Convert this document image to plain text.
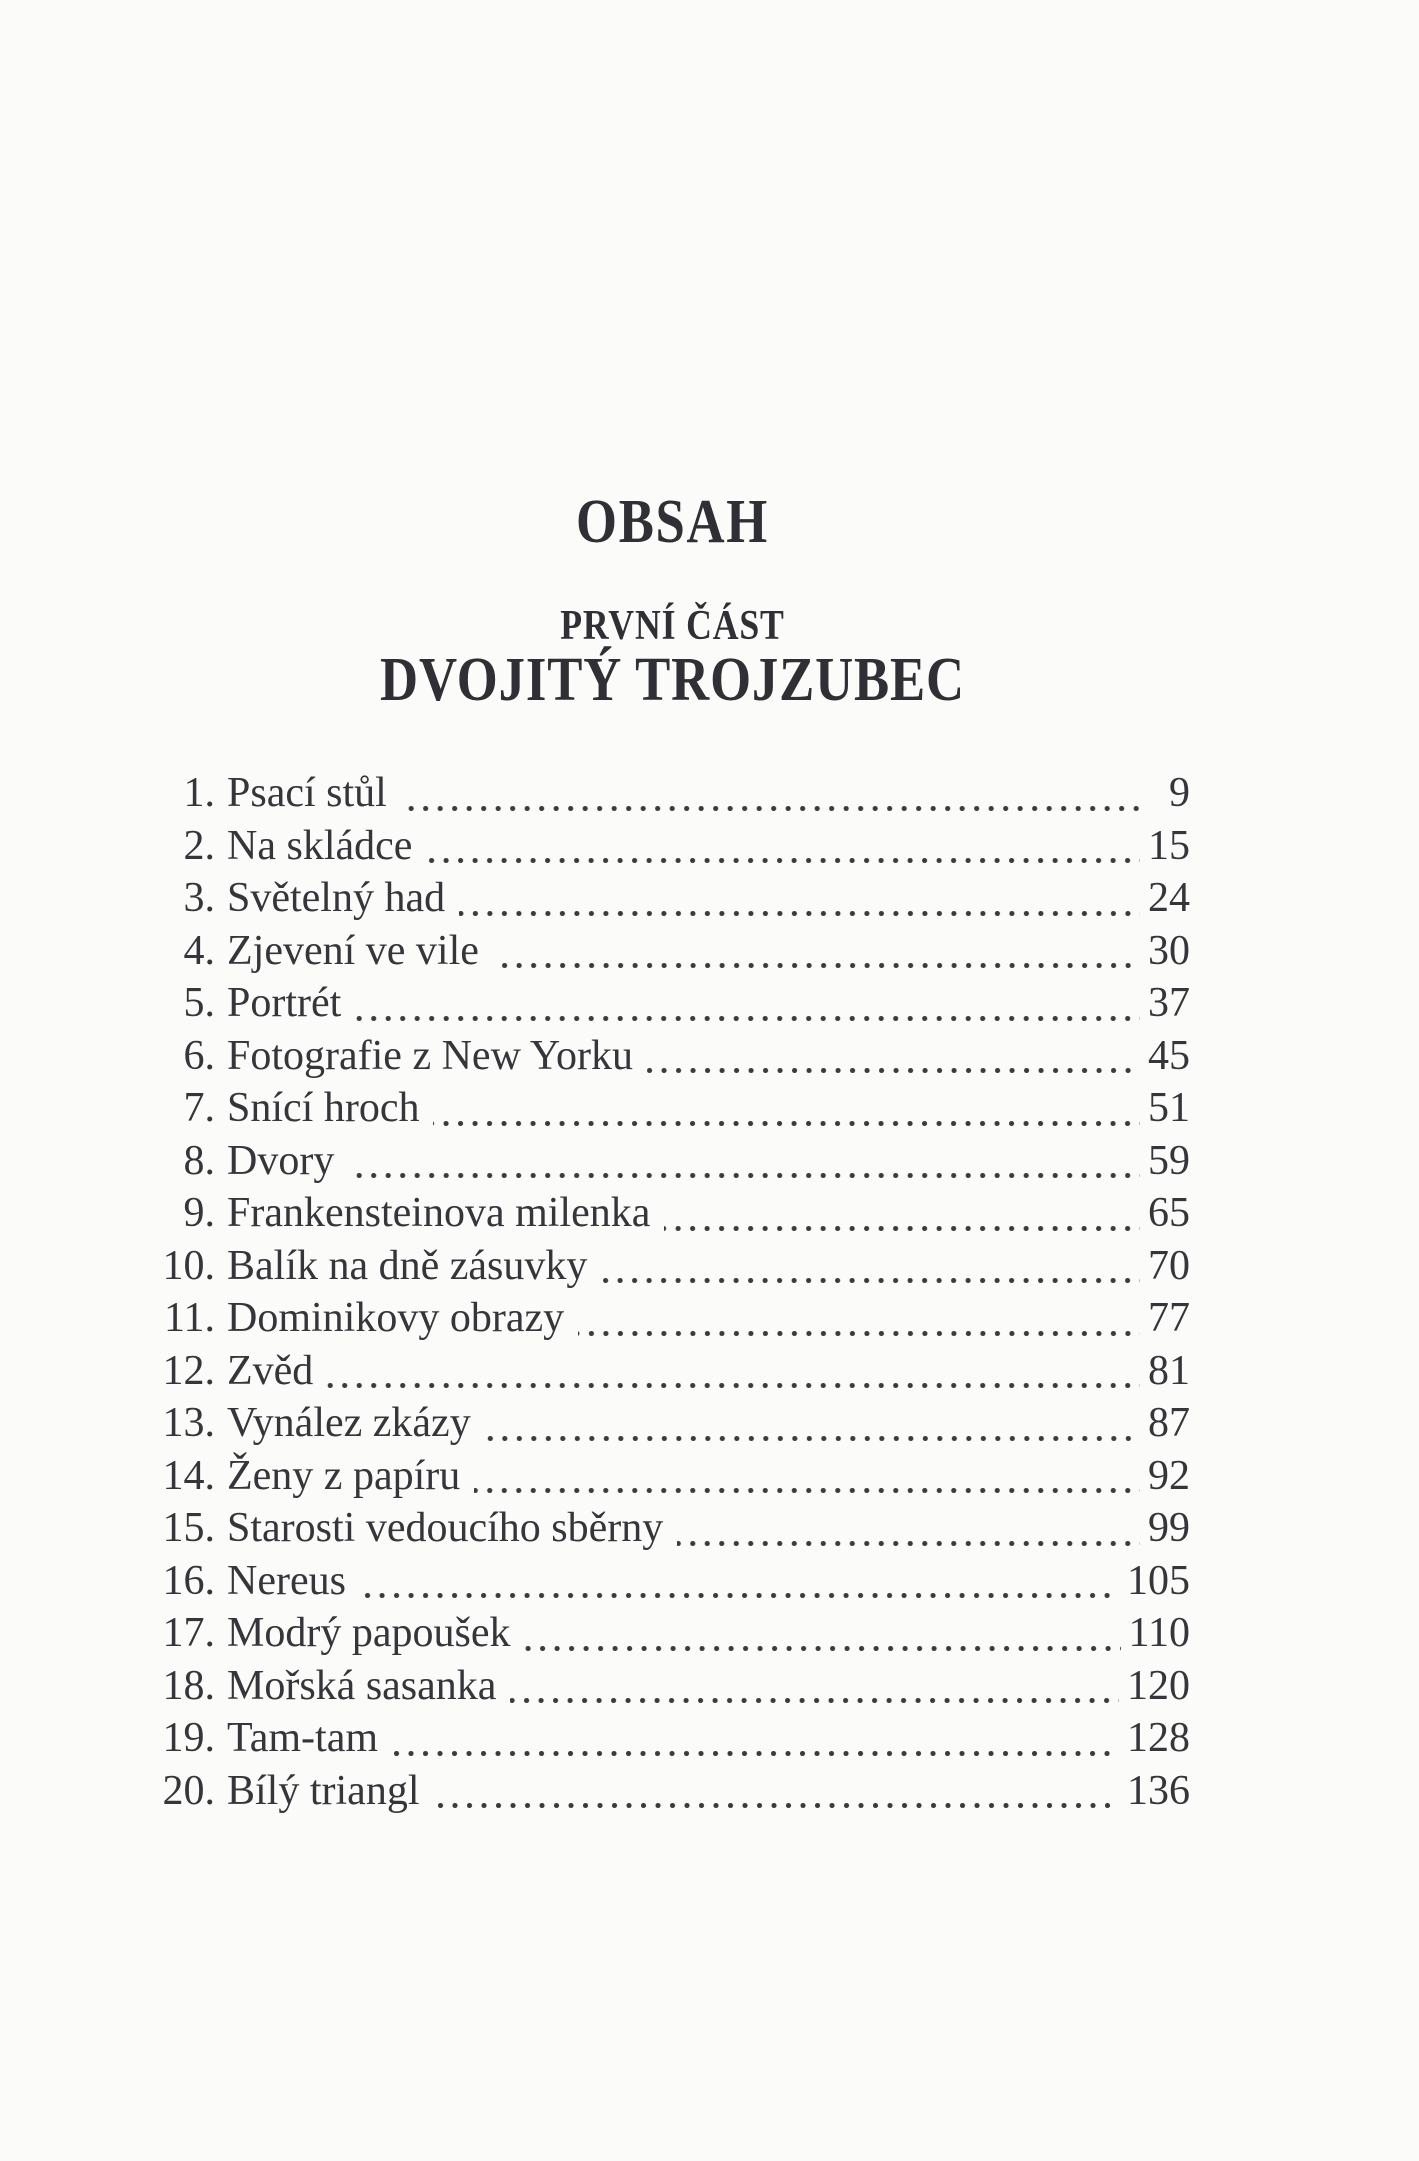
OBSAH
PRVNÍ ČÁST
DVOJITÝ TROJZUBEC
1. Psací stůl	9
2. Na skládce	15
3. Světelný had	24
4. Zjevení ve vile	30
5. Portrét	37
6. Fotografie z New Yorku	45
7. Snící hroch	51
8. Dvory	59
9. Frankensteinova milenka	65
10. Balík na dně zásuvky	70
11. Dominikovy obrazy	77
12. Zvěd	81
13. Vynález zkázy	87
14. Ženy z papíru	92
15. Starosti vedoucího sběrny	99
16. Nereus	105
17. Modrý papoušek	110
18. Mořská sasanka	120
19. Tam-tam	128
20. Bílý triangl	136
